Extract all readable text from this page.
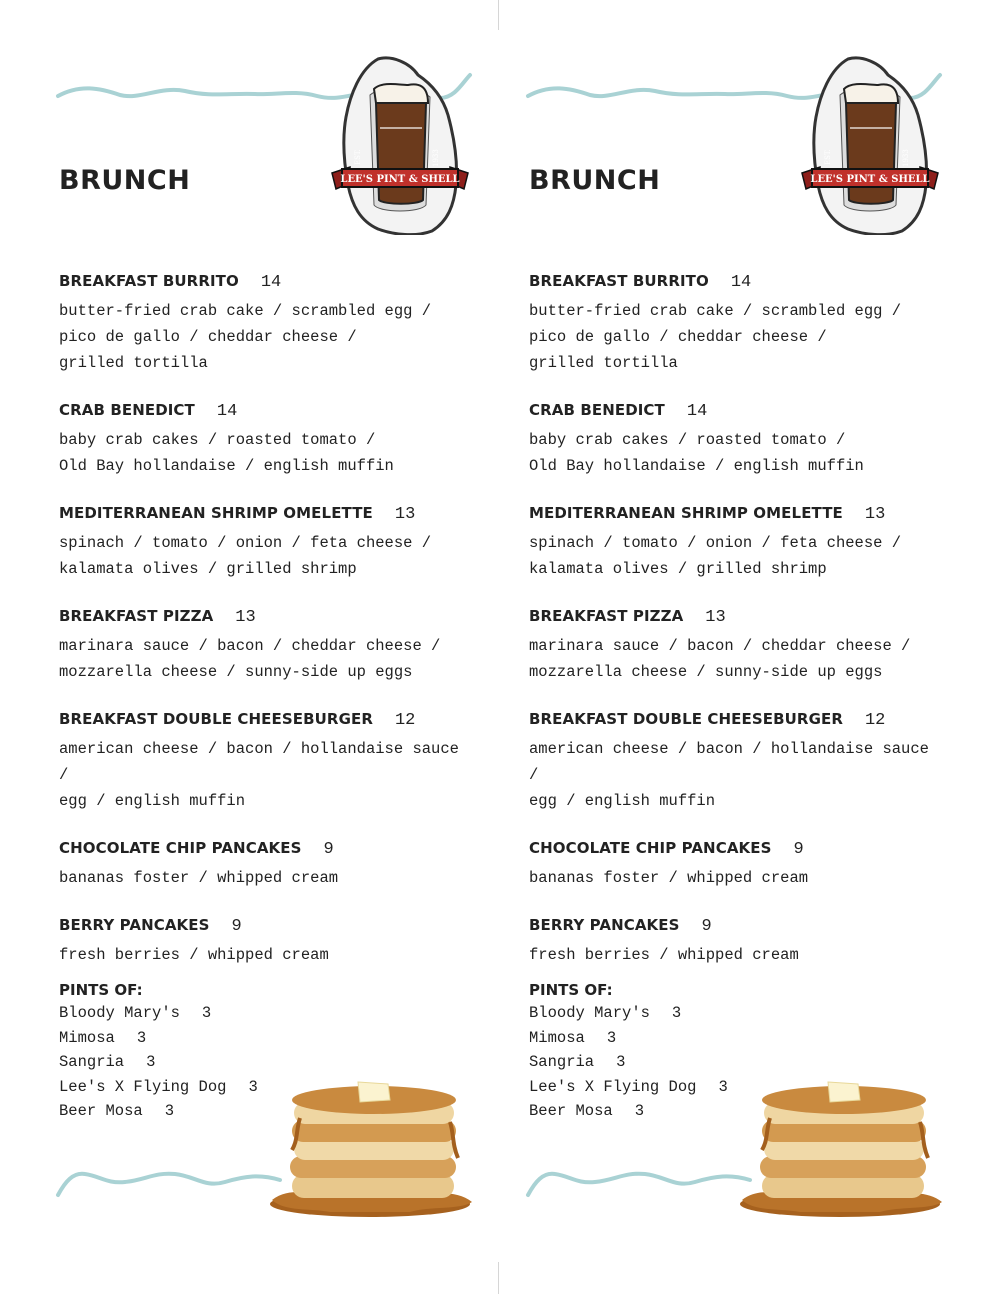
EST.	1933
LEE'S PINT & SHELL
BRUNCH
BREAKFAST BURRITO 14
butter-fried crab cake / scrambled egg /
pico de gallo / cheddar cheese /
grilled tortilla
CRAB BENEDICT 14
baby crab cakes / roasted tomato /
Old Bay hollandaise / english muffin
MEDITERRANEAN SHRIMP OMELETTE 13
spinach / tomato / onion / feta cheese /
kalamata olives / grilled shrimp
BREAKFAST PIZZA 13
marinara sauce / bacon / cheddar cheese /
mozzarella cheese / sunny-side up eggs
BREAKFAST DOUBLE CHEESEBURGER 12
american cheese / bacon / hollandaise sauce /
egg / english muffin
CHOCOLATE CHIP PANCAKES 9
bananas foster / whipped cream
BERRY PANCAKES 9
fresh berries / whipped cream
PINTS OF:
Bloody Mary's 3
Mimosa 3
Sangria 3
Lee's X Flying Dog 3
Beer Mosa 3
EST.	1933
LEE'S PINT & SHELL
BRUNCH
BREAKFAST BURRITO 14
butter-fried crab cake / scrambled egg /
pico de gallo / cheddar cheese /
grilled tortilla
CRAB BENEDICT 14
baby crab cakes / roasted tomato /
Old Bay hollandaise / english muffin
MEDITERRANEAN SHRIMP OMELETTE 13
spinach / tomato / onion / feta cheese /
kalamata olives / grilled shrimp
BREAKFAST PIZZA 13
marinara sauce / bacon / cheddar cheese /
mozzarella cheese / sunny-side up eggs
BREAKFAST DOUBLE CHEESEBURGER 12
american cheese / bacon / hollandaise sauce /
egg / english muffin
CHOCOLATE CHIP PANCAKES 9
bananas foster / whipped cream
BERRY PANCAKES 9
fresh berries / whipped cream
PINTS OF:
Bloody Mary's 3
Mimosa 3
Sangria 3
Lee's X Flying Dog 3
Beer Mosa 3
